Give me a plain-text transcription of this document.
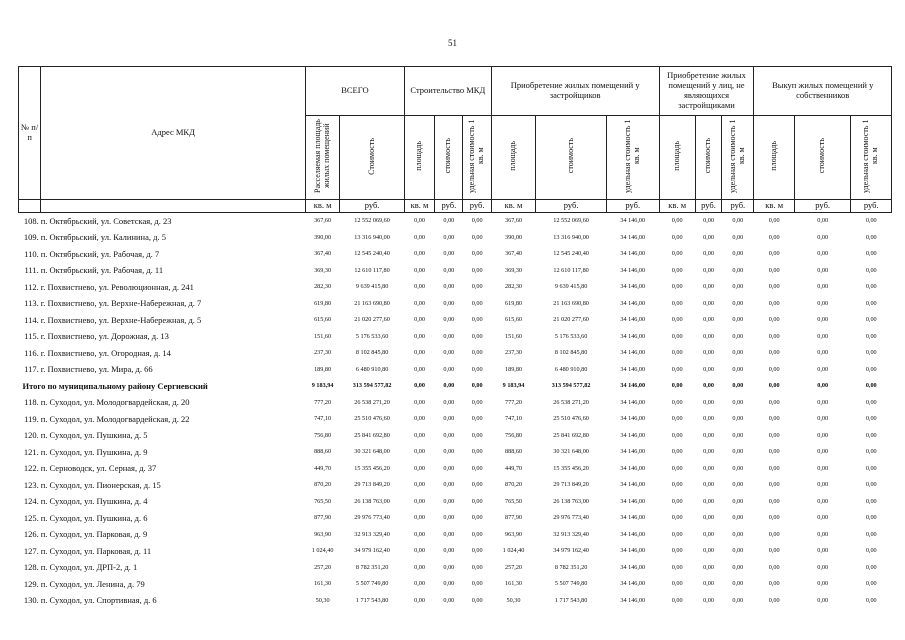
51
№ п/п	Адрес МКД	ВСЕГО		Строительство МКД			Приобретение жилых помещений у застройщиков			Приобретение жилых помещений у лиц, не являющихся застройщиками			Выкуп жилых помещений у собственников		
		Расселяемая площадь жилых помещений	Стоимость	площадь	стоимость	удельная стоимость 1 кв. м	площадь	стоимость	удельная стоимость 1 кв. м	площадь	стоимость	удельная стоимость 1 кв. м	площадь	стоимость	удельная стоимость 1 кв. м
		кв. м	руб.	кв. м	руб.	руб.	кв. м	руб.	руб.	кв. м	руб.	руб.	кв. м	руб.	руб.
108.	п. Октябрьский, ул. Советская, д. 23	367,60	12 552 069,60	0,00	0,00	0,00	367,60	12 552 069,60	34 146,00	0,00	0,00	0,00	0,00	0,00	0,00
109.	п. Октябрьский, ул. Калинина, д. 5	390,00	13 316 940,00	0,00	0,00	0,00	390,00	13 316 940,00	34 146,00	0,00	0,00	0,00	0,00	0,00	0,00
110.	п. Октябрьский, ул. Рабочая, д. 7	367,40	12 545 240,40	0,00	0,00	0,00	367,40	12 545 240,40	34 146,00	0,00	0,00	0,00	0,00	0,00	0,00
111.	п. Октябрьский, ул. Рабочая, д. 11	369,30	12 610 117,80	0,00	0,00	0,00	369,30	12 610 117,80	34 146,00	0,00	0,00	0,00	0,00	0,00	0,00
112.	г. Похвистнево, ул. Революционная, д. 241	282,30	9 639 415,80	0,00	0,00	0,00	282,30	9 639 415,80	34 146,00	0,00	0,00	0,00	0,00	0,00	0,00
113.	г. Похвистнево, ул. Верхне-Набережная, д. 7	619,80	21 163 690,80	0,00	0,00	0,00	619,80	21 163 690,80	34 146,00	0,00	0,00	0,00	0,00	0,00	0,00
114.	г. Похвистнево, ул. Верхне-Набережная, д. 5	615,60	21 020 277,60	0,00	0,00	0,00	615,60	21 020 277,60	34 146,00	0,00	0,00	0,00	0,00	0,00	0,00
115.	г. Похвистнево, ул. Дорожная, д. 13	151,60	5 176 533,60	0,00	0,00	0,00	151,60	5 176 533,60	34 146,00	0,00	0,00	0,00	0,00	0,00	0,00
116.	г. Похвистнево, ул. Огородная, д. 14	237,30	8 102 845,80	0,00	0,00	0,00	237,30	8 102 845,80	34 146,00	0,00	0,00	0,00	0,00	0,00	0,00
117.	г. Похвистнево, ул. Мира, д. 66	189,80	6 480 910,80	0,00	0,00	0,00	189,80	6 480 910,80	34 146,00	0,00	0,00	0,00	0,00	0,00	0,00
Итого по муниципальному району Сергиевский		9 183,94	313 594 577,82	0,00	0,00	0,00	9 183,94	313 594 577,82	34 146,00	0,00	0,00	0,00	0,00	0,00	0,00
118.	п. Суходол, ул. Молодогвардейская, д. 20	777,20	26 538 271,20	0,00	0,00	0,00	777,20	26 538 271,20	34 146,00	0,00	0,00	0,00	0,00	0,00	0,00
119.	п. Суходол, ул. Молодогвардейская, д. 22	747,10	25 510 476,60	0,00	0,00	0,00	747,10	25 510 476,60	34 146,00	0,00	0,00	0,00	0,00	0,00	0,00
120.	п. Суходол, ул. Пушкина, д. 5	756,80	25 841 692,80	0,00	0,00	0,00	756,80	25 841 692,80	34 146,00	0,00	0,00	0,00	0,00	0,00	0,00
121.	п. Суходол, ул. Пушкина, д. 9	888,60	30 321 648,00	0,00	0,00	0,00	888,60	30 321 648,00	34 146,00	0,00	0,00	0,00	0,00	0,00	0,00
122.	п. Серноводск, ул. Серная, д. 37	449,70	15 355 456,20	0,00	0,00	0,00	449,70	15 355 456,20	34 146,00	0,00	0,00	0,00	0,00	0,00	0,00
123.	п. Суходол, ул. Пионерская, д. 15	870,20	29 713 849,20	0,00	0,00	0,00	870,20	29 713 849,20	34 146,00	0,00	0,00	0,00	0,00	0,00	0,00
124.	п. Суходол, ул. Пушкина, д. 4	765,50	26 138 763,00	0,00	0,00	0,00	765,50	26 138 763,00	34 146,00	0,00	0,00	0,00	0,00	0,00	0,00
125.	п. Суходол, ул. Пушкина, д. 6	877,90	29 976 773,40	0,00	0,00	0,00	877,90	29 976 773,40	34 146,00	0,00	0,00	0,00	0,00	0,00	0,00
126.	п. Суходол, ул. Парковая, д. 9	963,90	32 913 329,40	0,00	0,00	0,00	963,90	32 913 329,40	34 146,00	0,00	0,00	0,00	0,00	0,00	0,00
127.	п. Суходол, ул. Парковая, д. 11	1 024,40	34 979 162,40	0,00	0,00	0,00	1 024,40	34 979 162,40	34 146,00	0,00	0,00	0,00	0,00	0,00	0,00
128.	п. Суходол, ул. ДРП-2, д. 1	257,20	8 782 351,20	0,00	0,00	0,00	257,20	8 782 351,20	34 146,00	0,00	0,00	0,00	0,00	0,00	0,00
129.	п. Суходол, ул. Ленина, д. 79	161,30	5 507 749,80	0,00	0,00	0,00	161,30	5 507 749,80	34 146,00	0,00	0,00	0,00	0,00	0,00	0,00
130.	п. Суходол, ул. Спортивная, д. 6	50,30	1 717 543,80	0,00	0,00	0,00	50,30	1 717 543,80	34 146,00	0,00	0,00	0,00	0,00	0,00	0,00
